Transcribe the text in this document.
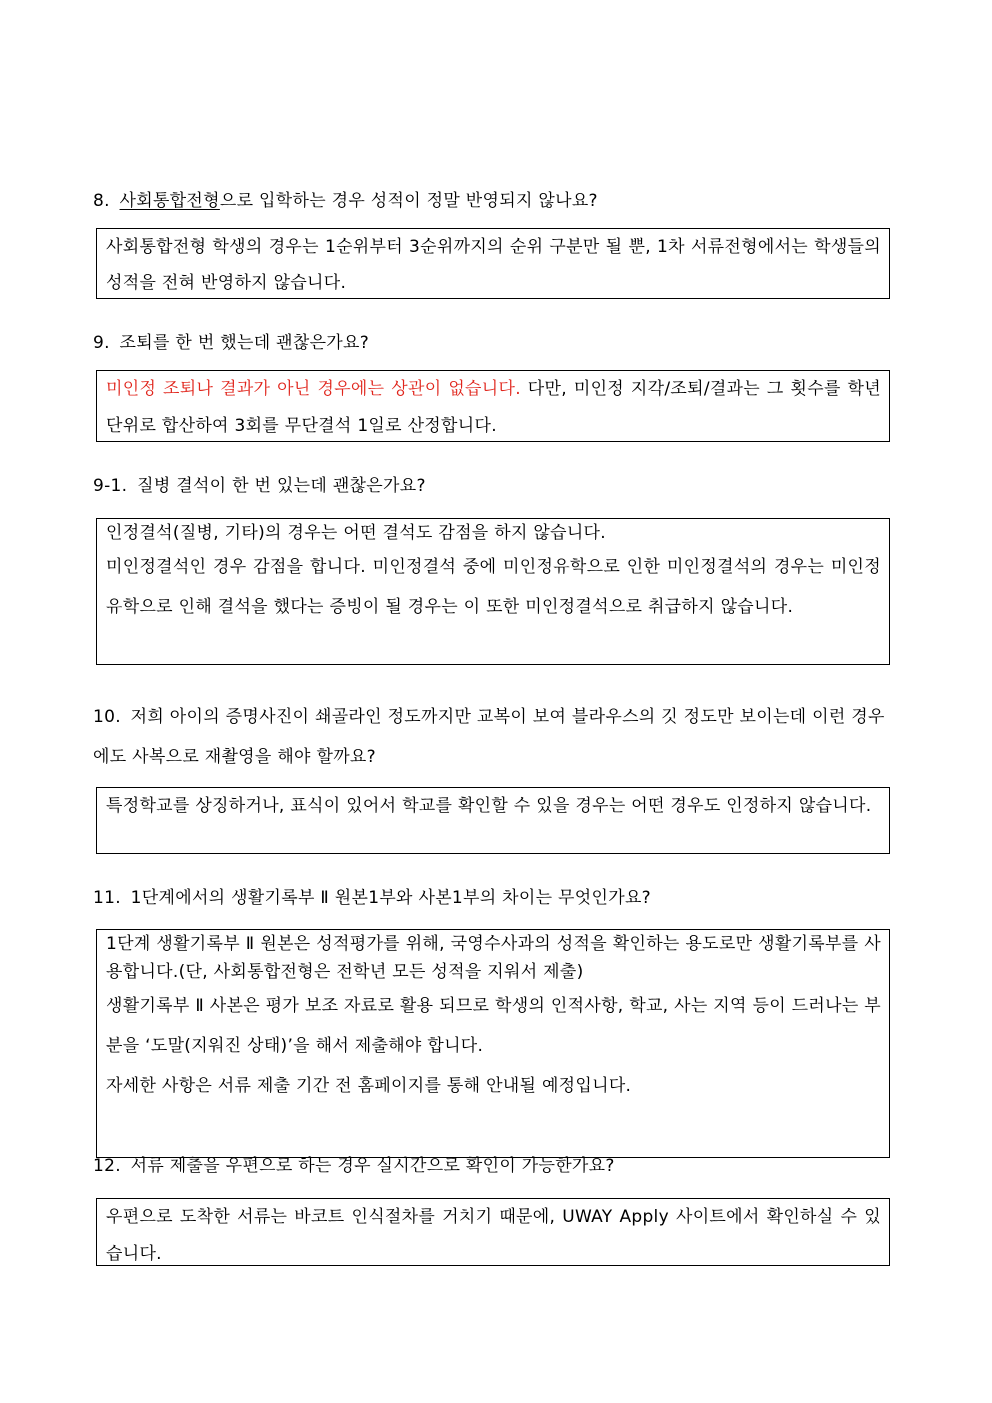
8. 사회통합전형으로 입학하는 경우 성적이 정말 반영되지 않나요?

사회통합전형 학생의 경우는 1순위부터 3순위까지의 순위 구분만 될 뿐, 1차 서류전형에서는 학생들의 성적을 전혀 반영하지 않습니다.

9. 조퇴를 한 번 했는데 괜찮은가요?

미인정 조퇴나 결과가 아닌 경우에는 상관이 없습니다. 다만, 미인정 지각/조퇴/결과는 그 횟수를 학년 단위로 합산하여 3회를 무단결석 1일로 산정합니다.

9-1. 질병 결석이 한 번 있는데 괜찮은가요?

인정결석(질병, 기타)의 경우는 어떤 결석도 감점을 하지 않습니다.

미인정결석인 경우 감점을 합니다. 미인정결석 중에 미인정유학으로 인한 미인정결석의 경우는 미인정유학으로 인해 결석을 했다는 증빙이 될 경우는 이 또한 미인정결석으로 취급하지 않습니다.

10. 저희 아이의 증명사진이 쇄골라인 정도까지만 교복이 보여 블라우스의 깃 정도만 보이는데 이런 경우에도 사복으로 재촬영을 해야 할까요?

특정학교를 상징하거나, 표식이 있어서 학교를 확인할 수 있을 경우는 어떤 경우도 인정하지 않습니다.

11. 1단계에서의 생활기록부 Ⅱ 원본1부와 사본1부의 차이는 무엇인가요?

1단계 생활기록부 Ⅱ 원본은 성적평가를 위해, 국영수사과의 성적을 확인하는 용도로만 생활기록부를 사용합니다.(단, 사회통합전형은 전학년 모든 성적을 지워서 제출)

생활기록부 Ⅱ 사본은 평가 보조 자료로 활용 되므로 학생의 인적사항, 학교, 사는 지역 등이 드러나는 부분을 ‘도말(지워진 상태)’을 해서 제출해야 합니다.

자세한 사항은 서류 제출 기간 전 홈페이지를 통해 안내될 예정입니다.

12. 서류 제출을 우편으로 하는 경우 실시간으로 확인이 가능한가요?

우편으로 도착한 서류는 바코트 인식절차를 거치기 때문에, UWAY Apply 사이트에서 확인하실 수 있습니다.
